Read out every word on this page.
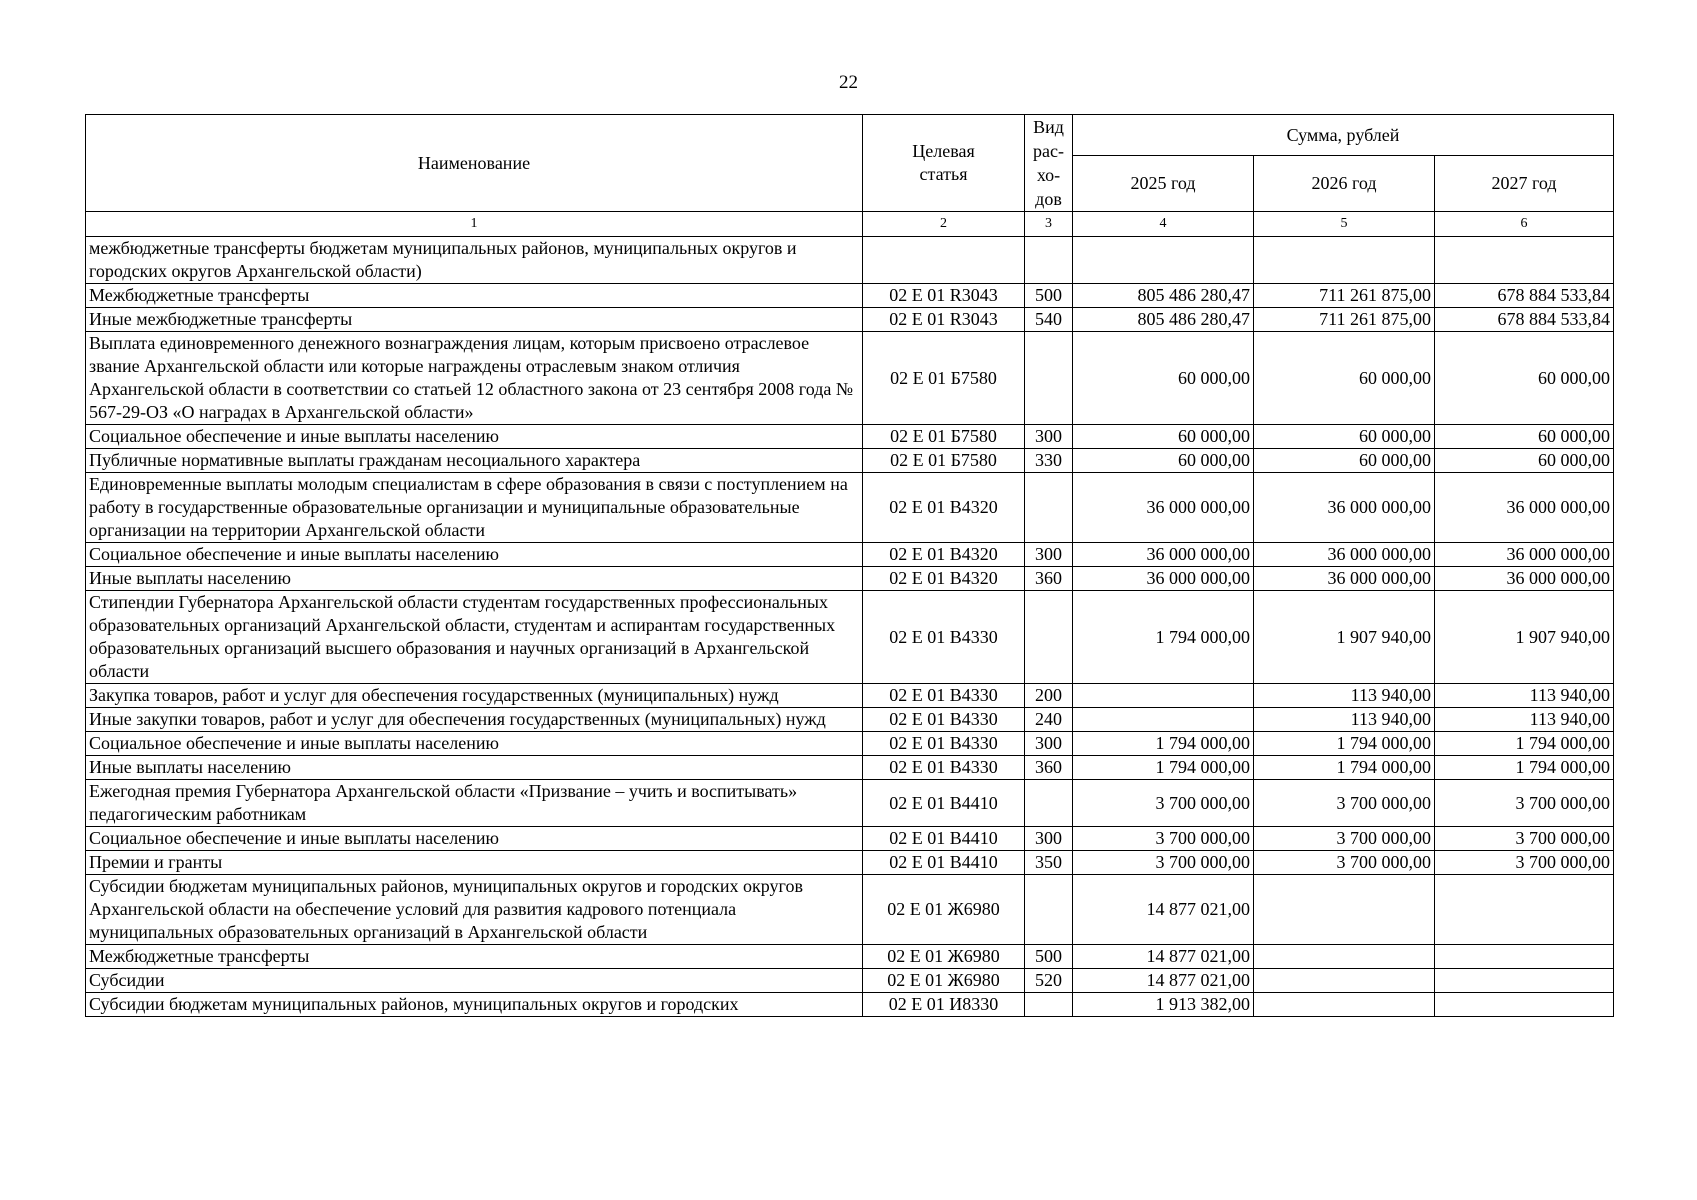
22
Наименование	Целевая статья	Вид рас-хо-дов	Сумма, рублей		
			2025 год	2026 год	2027 год
1	2	3	4	5	6
межбюджетные трансферты бюджетам муниципальных районов, муниципальных округов и городских округов Архангельской области)					
Межбюджетные трансферты	02 Е 01 R3043	500	805 486 280,47	711 261 875,00	678 884 533,84
Иные межбюджетные трансферты	02 Е 01 R3043	540	805 486 280,47	711 261 875,00	678 884 533,84
Выплата единовременного денежного вознаграждения лицам, которым присвоено отраслевое звание Архангельской области или которые награждены отраслевым знаком отличия Архангельской области в соответствии со статьей 12 областного закона от 23 сентября 2008 года № 567-29-ОЗ «О наградах в Архангельской области»	02 Е 01 Б7580		60 000,00	60 000,00	60 000,00
Социальное обеспечение и иные выплаты населению	02 Е 01 Б7580	300	60 000,00	60 000,00	60 000,00
Публичные нормативные выплаты гражданам несоциального характера	02 Е 01 Б7580	330	60 000,00	60 000,00	60 000,00
Единовременные выплаты молодым специалистам в сфере образования в связи с поступлением на работу в государственные образовательные организации и муниципальные образовательные организации на территории Архангельской области	02 Е 01 В4320		36 000 000,00	36 000 000,00	36 000 000,00
Социальное обеспечение и иные выплаты населению	02 Е 01 В4320	300	36 000 000,00	36 000 000,00	36 000 000,00
Иные выплаты населению	02 Е 01 В4320	360	36 000 000,00	36 000 000,00	36 000 000,00
Стипендии Губернатора Архангельской области студентам государственных профессиональных образовательных организаций Архангельской области, студентам и аспирантам государственных образовательных организаций высшего образования и научных организаций в Архангельской области	02 Е 01 В4330		1 794 000,00	1 907 940,00	1 907 940,00
Закупка товаров, работ и услуг для обеспечения государственных (муниципальных) нужд	02 Е 01 В4330	200		113 940,00	113 940,00
Иные закупки товаров, работ и услуг для обеспечения государственных (муниципальных) нужд	02 Е 01 В4330	240		113 940,00	113 940,00
Социальное обеспечение и иные выплаты населению	02 Е 01 В4330	300	1 794 000,00	1 794 000,00	1 794 000,00
Иные выплаты населению	02 Е 01 В4330	360	1 794 000,00	1 794 000,00	1 794 000,00
Ежегодная премия Губернатора Архангельской области «Призвание – учить и воспитывать» педагогическим работникам	02 Е 01 В4410		3 700 000,00	3 700 000,00	3 700 000,00
Социальное обеспечение и иные выплаты населению	02 Е 01 В4410	300	3 700 000,00	3 700 000,00	3 700 000,00
Премии и гранты	02 Е 01 В4410	350	3 700 000,00	3 700 000,00	3 700 000,00
Субсидии бюджетам муниципальных районов, муниципальных округов и городских округов Архангельской области на обеспечение условий для развития кадрового потенциала муниципальных образовательных организаций в Архангельской области	02 Е 01 Ж6980		14 877 021,00		
Межбюджетные трансферты	02 Е 01 Ж6980	500	14 877 021,00		
Субсидии	02 Е 01 Ж6980	520	14 877 021,00		
Субсидии бюджетам муниципальных районов, муниципальных округов и городских	02 Е 01 И8330		1 913 382,00		
